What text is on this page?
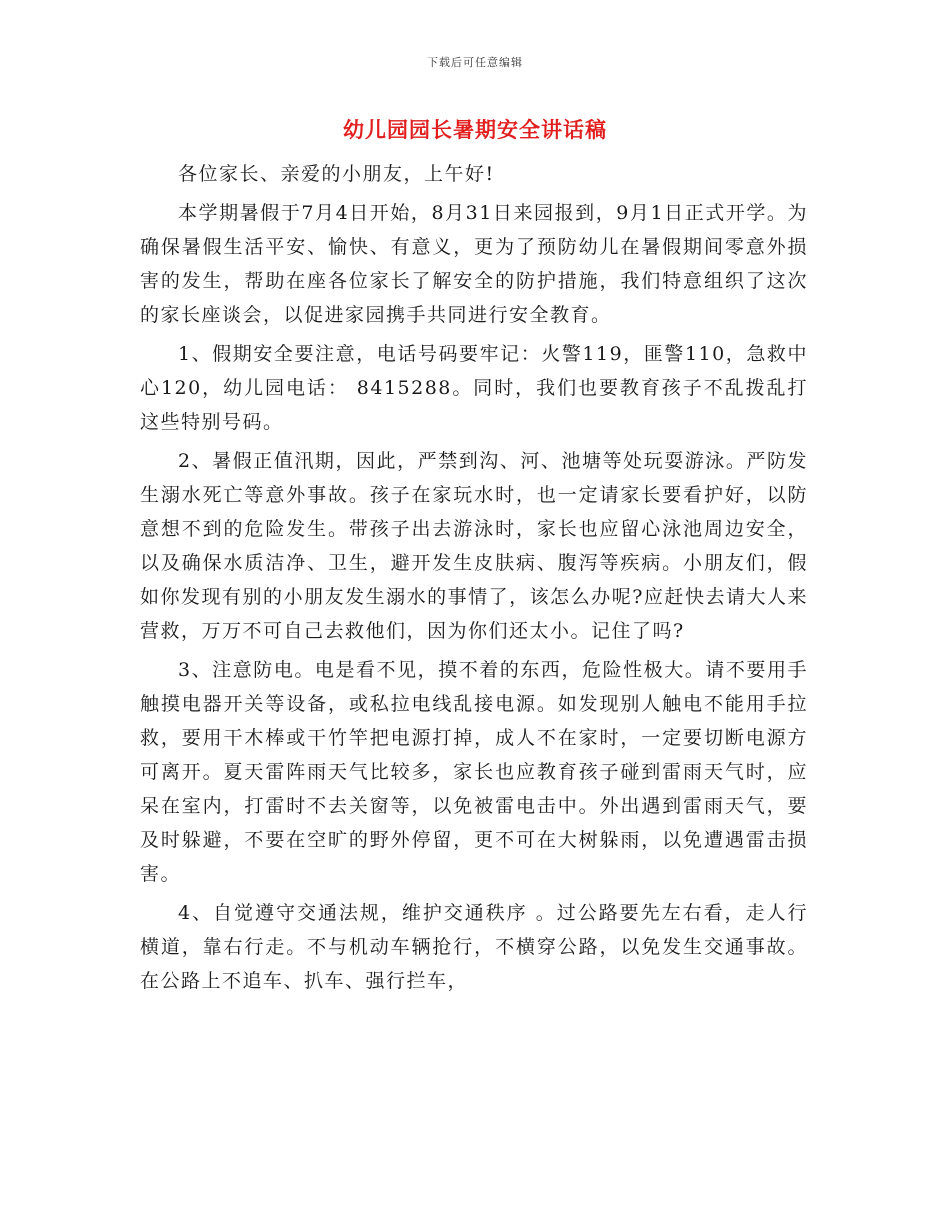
下载后可任意编辑
幼儿园园长暑期安全讲话稿

各位家长、亲爱的小朋友，上午好!

本学期暑假于7月4日开始，8月31日来园报到，9月1日正式开学。为确保暑假生活平安、愉快、有意义，更为了预防幼儿在暑假期间零意外损害的发生，帮助在座各位家长了解安全的防护措施，我们特意组织了这次的家长座谈会，以促进家园携手共同进行安全教育。

1、假期安全要注意，电话号码要牢记：火警119，匪警110，急救中心120，幼儿园电话： 8415288。同时，我们也要教育孩子不乱拨乱打这些特别号码。

2、暑假正值汛期，因此，严禁到沟、河、池塘等处玩耍游泳。严防发生溺水死亡等意外事故。孩子在家玩水时，也一定请家长要看护好，以防意想不到的危险发生。带孩子出去游泳时，家长也应留心泳池周边安全，以及确保水质洁净、卫生，避开发生皮肤病、腹泻等疾病。小朋友们，假如你发现有别的小朋友发生溺水的事情了，该怎么办呢?应赶快去请大人来营救，万万不可自己去救他们，因为你们还太小。记住了吗?

3、注意防电。电是看不见，摸不着的东西，危险性极大。请不要用手触摸电器开关等设备，或私拉电线乱接电源。如发现别人触电不能用手拉救，要用干木棒或干竹竿把电源打掉，成人不在家时，一定要切断电源方可离开。夏天雷阵雨天气比较多，家长也应教育孩子碰到雷雨天气时，应呆在室内，打雷时不去关窗等，以免被雷电击中。外出遇到雷雨天气，要及时躲避，不要在空旷的野外停留，更不可在大树躲雨，以免遭遇雷击损害。

4、自觉遵守交通法规，维护交通秩序 。过公路要先左右看，走人行横道，靠右行走。不与机动车辆抢行，不横穿公路，以免发生交通事故。在公路上不追车、扒车、强行拦车，
